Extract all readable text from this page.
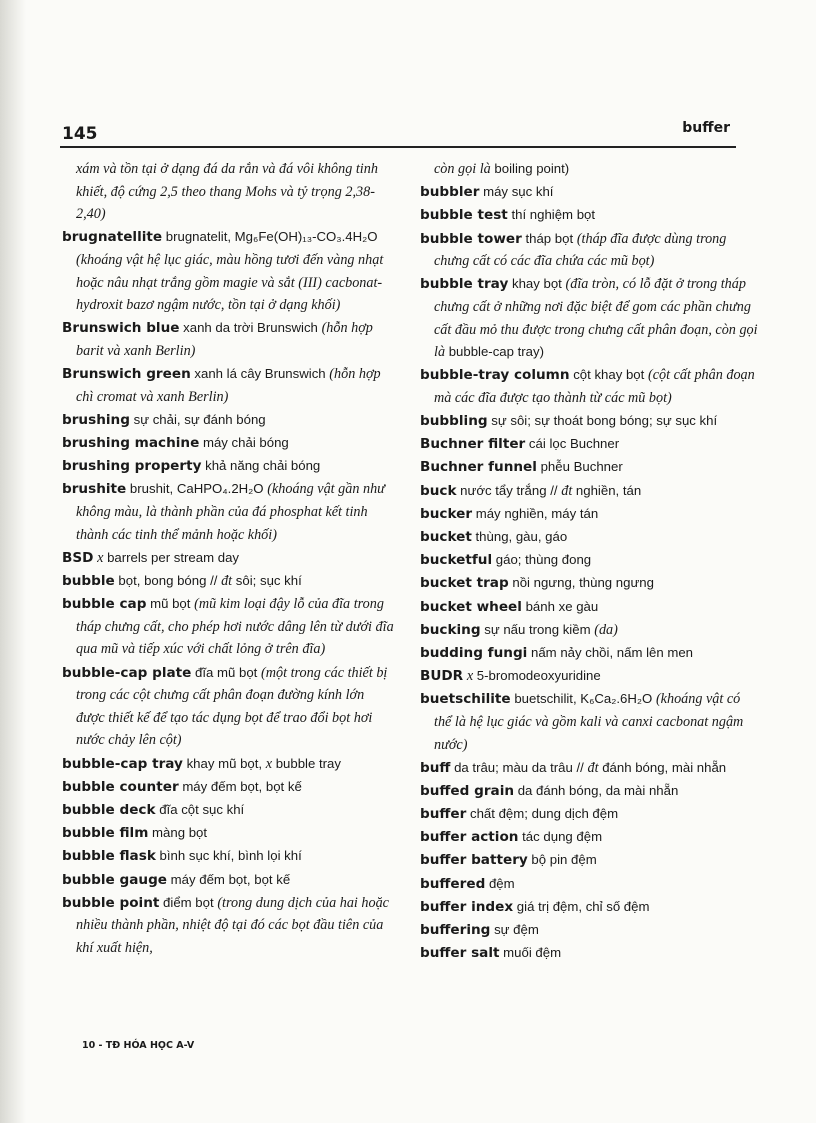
145	buffer
xám và tồn tại ở dạng đá da rắn và đá vôi không tinh khiết, độ cứng 2,5 theo thang Mohs và tỷ trọng 2,38-2,40)
brugnatellite brugnatelit, Mg₆Fe(OH)₁₃-CO₃.4H₂O (khoáng vật hệ lục giác, màu hồng tươi đến vàng nhạt hoặc nâu nhạt trắng gồm magie và sắt (III) cacbonat-hydroxit bazơ ngậm nước, tồn tại ở dạng khối)
Brunswich blue xanh da trời Brunswich (hỗn hợp barit và xanh Berlin)
Brunswich green xanh lá cây Brunswich (hỗn hợp chì cromat và xanh Berlin)
brushing sự chải, sự đánh bóng
brushing machine máy chải bóng
brushing property khả năng chải bóng
brushite brushit, CaHPO₄.2H₂O (khoáng vật gần như không màu, là thành phần của đá phosphat kết tinh thành các tinh thể mảnh hoặc khối)
BSD x barrels per stream day
bubble bọt, bong bóng // đt sôi; sục khí
bubble cap mũ bọt (mũ kim loại đậy lỗ của đĩa trong tháp chưng cất, cho phép hơi nước dâng lên từ dưới đĩa qua mũ và tiếp xúc với chất lỏng ở trên đĩa)
bubble-cap plate đĩa mũ bọt (một trong các thiết bị trong các cột chưng cất phân đoạn đường kính lớn được thiết kế để tạo tác dụng bọt để trao đổi bọt hơi nước chảy lên cột)
bubble-cap tray khay mũ bọt, x bubble tray
bubble counter máy đếm bọt, bọt kế
bubble deck đĩa cột sục khí
bubble film màng bọt
bubble flask bình sục khí, bình lọi khí
bubble gauge máy đếm bọt, bọt kế
bubble point điểm bọt (trong dung dịch của hai hoặc nhiều thành phần, nhiệt độ tại đó các bọt đầu tiên của khí xuất hiện,
còn gọi là boiling point)
bubbler máy sục khí
bubble test thí nghiệm bọt
bubble tower tháp bọt (tháp đĩa được dùng trong chưng cất có các đĩa chứa các mũ bọt)
bubble tray khay bọt (đĩa tròn, có lỗ đặt ở trong tháp chưng cất ở những nơi đặc biệt để gom các phần chưng cất đầu mỏ thu được trong chưng cất phân đoạn, còn gọi là bubble-cap tray)
bubble-tray column cột khay bọt (cột cất phân đoạn mà các đĩa được tạo thành từ các mũ bọt)
bubbling sự sôi; sự thoát bong bóng; sự sục khí
Buchner filter cái lọc Buchner
Buchner funnel phễu Buchner
buck nước tẩy trắng // đt nghiền, tán
bucker máy nghiền, máy tán
bucket thùng, gàu, gáo
bucketful gáo; thùng đong
bucket trap nồi ngưng, thùng ngưng
bucket wheel bánh xe gàu
bucking sự nấu trong kiềm (da)
budding fungi nấm nảy chồi, nấm lên men
BUDR x 5-bromodeoxyuridine
buetschilite buetschilit, K₆Ca₂.6H₂O (khoáng vật có thể là hệ lục giác và gồm kali và canxi cacbonat ngậm nước)
buff da trâu; màu da trâu // đt đánh bóng, mài nhẵn
buffed grain da đánh bóng, da mài nhẵn
buffer chất đệm; dung dịch đệm
buffer action tác dụng đệm
buffer battery bộ pin đệm
buffered đệm
buffer index giá trị đệm, chỉ số đệm
buffering sự đệm
buffer salt muối đệm
10 - TĐ HÓA HỌC A-V
